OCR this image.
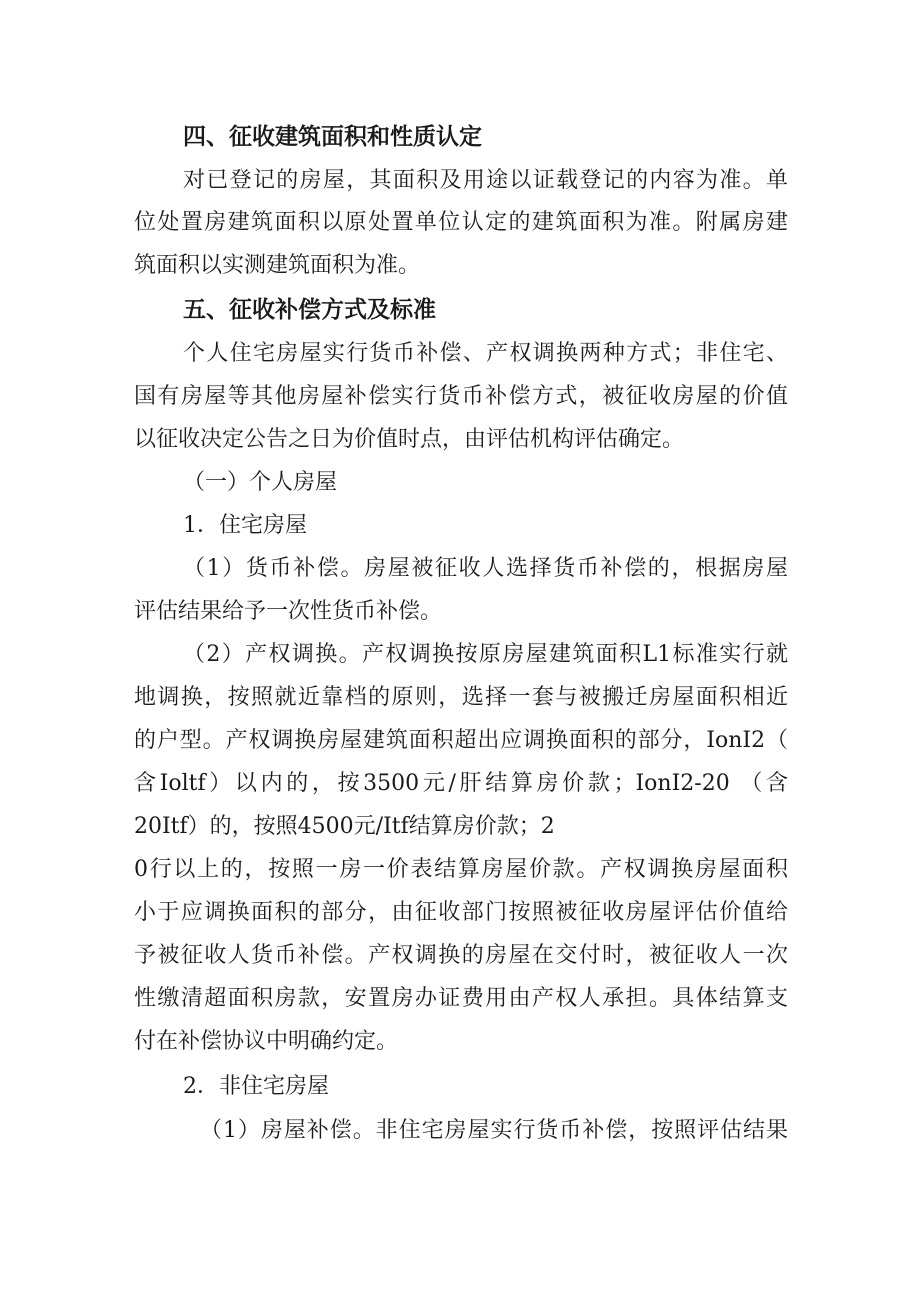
四、征收建筑面积和性质认定
对已登记的房屋，其面积及用途以证载登记的内容为准。单
位处置房建筑面积以原处置单位认定的建筑面积为准。附属房建
筑面积以实测建筑面积为准。
五、征收补偿方式及标准
个人住宅房屋实行货币补偿、产权调换两种方式；非住宅、
国有房屋等其他房屋补偿实行货币补偿方式，被征收房屋的价值
以征收决定公告之日为价值时点，由评估机构评估确定。
（一）个人房屋
1．住宅房屋
（1）货币补偿。房屋被征收人选择货币补偿的，根据房屋
评估结果给予一次性货币补偿。
（2）产权调换。产权调换按原房屋建筑面积L1标准实行就
地调换，按照就近靠档的原则，选择一套与被搬迁房屋面积相近
的户型。产权调换房屋建筑面积超出应调换面积的部分，IonI2（
含Ioltf）以内的，按3500元/肝结算房价款；IonI2-20 （含
20Itf）的，按照4500元/Itf结算房价款；2
0行以上的，按照一房一价表结算房屋价款。产权调换房屋面积
小于应调换面积的部分，由征收部门按照被征收房屋评估价值给
予被征收人货币补偿。产权调换的房屋在交付时，被征收人一次
性缴清超面积房款，安置房办证费用由产权人承担。具体结算支
付在补偿协议中明确约定。
2．非住宅房屋
（1）房屋补偿。非住宅房屋实行货币补偿，按照评估结果
